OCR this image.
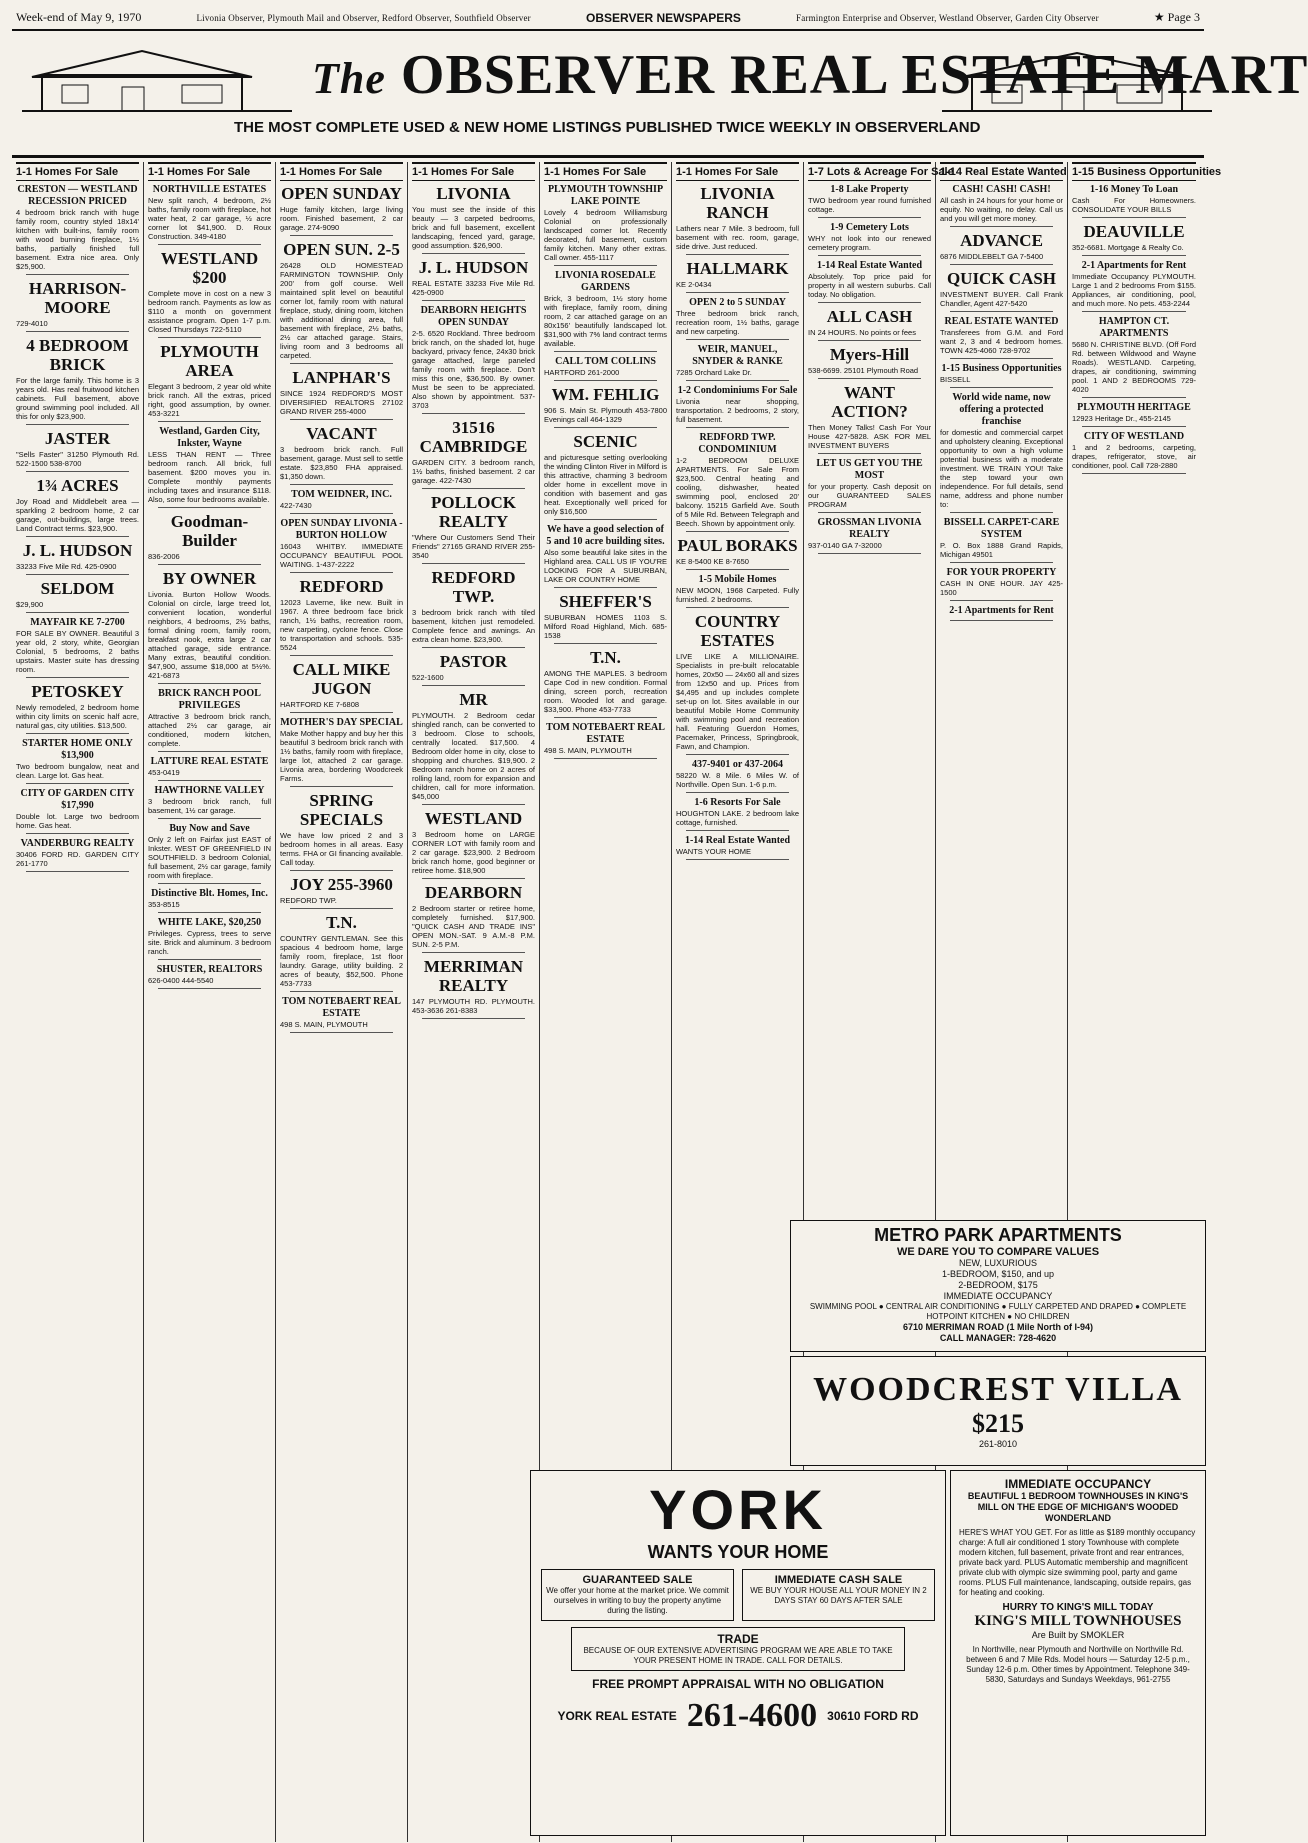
Week-end of May 9, 1970	Livonia Observer, Plymouth Mail and Observer, Redford Observer, Southfield Observer	OBSERVER NEWSPAPERS	Farmington Enterprise and Observer, Westland Observer, Garden City Observer	★ Page 3
The OBSERVER REAL ESTATE MART
THE MOST COMPLETE USED & NEW HOME LISTINGS PUBLISHED TWICE WEEKLY IN OBSERVERLAND
1-1 Homes For Sale
CRESTON — WESTLAND RECESSION PRICED
4 bedroom brick ranch with huge family room, country styled 18x14' kitchen with built-ins, family room with wood burning fireplace, 1½ baths, partially finished full basement. Extra nice area. Only $25,900.
HARRISON-MOORE
729-4010
4 BEDROOM BRICK
For the large family. This home is 3 years old. Has real fruitwood kitchen cabinets. Full basement, above ground swimming pool included. All this for only $23,900.
JASTER
"Sells Faster" 31250 Plymouth Rd. 522-1500 538-8700
1¾ ACRES
Joy Road and Middlebelt area — sparkling 2 bedroom home, 2 car garage, out-buildings, large trees. Land Contract terms. $23,900.
J. L. HUDSON
33233 Five Mile Rd. 425-0900
SELDOM
$29,900
MAYFAIR KE 7-2700
FOR SALE BY OWNER. Beautiful 3 year old, 2 story, white, Georgian Colonial, 5 bedrooms, 2 baths upstairs. Master suite has dressing room.
PETOSKEY
Newly remodeled, 2 bedroom home within city limits on scenic half acre, natural gas, city utilities. $13,500.
STARTER HOME ONLY $13,900
Two bedroom bungalow, neat and clean. Large lot. Gas heat.
CITY OF GARDEN CITY $17,990
Double lot. Large two bedroom home. Gas heat.
VANDERBURG REALTY
30406 FORD RD. GARDEN CITY 261-1770
1-1 Homes For Sale
NORTHVILLE ESTATES
New split ranch, 4 bedroom, 2½ baths, family room with fireplace, hot water heat, 2 car garage, ½ acre corner lot $41,900. D. Roux Construction. 349-4180
WESTLAND $200
Complete move in cost on a new 3 bedroom ranch. Payments as low as $110 a month on government assistance program. Open 1-7 p.m. Closed Thursdays 722-5110
PLYMOUTH AREA
Elegant 3 bedroom, 2 year old white brick ranch. All the extras, priced right, good assumption, by owner. 453-3221
Westland, Garden City, Inkster, Wayne
LESS THAN RENT — Three bedroom ranch. All brick, full basement. $200 moves you in. Complete monthly payments including taxes and insurance $118. Also, some four bedrooms available.
Goodman-Builder
836-2006
BY OWNER
Livonia. Burton Hollow Woods. Colonial on circle, large treed lot, convenient location, wonderful neighbors, 4 bedrooms, 2½ baths, formal dining room, family room, breakfast nook, extra large 2 car attached garage, side entrance. Many extras, beautiful condition. $47,900, assume $18,000 at 5½%. 421-6873
BRICK RANCH POOL PRIVILEGES
Attractive 3 bedroom brick ranch, attached 2½ car garage, air conditioned, modern kitchen, complete.
LATTURE REAL ESTATE
453-0419
HAWTHORNE VALLEY
3 bedroom brick ranch, full basement, 1½ car garage.
Buy Now and Save
Only 2 left on Fairfax just EAST of Inkster. WEST OF GREENFIELD IN SOUTHFIELD. 3 bedroom Colonial, full basement, 2½ car garage, family room with fireplace.
Distinctive Blt. Homes, Inc.
353-8515
WHITE LAKE, $20,250
Privileges. Cypress, trees to serve site. Brick and aluminum. 3 bedroom ranch.
SHUSTER, REALTORS
626-0400 444-5540
1-1 Homes For Sale
OPEN SUNDAY
Huge family kitchen, large living room. Finished basement, 2 car garage. 274-9090
OPEN SUN. 2-5
26428 OLD HOMESTEAD FARMINGTON TOWNSHIP. Only 200' from golf course. Well maintained split level on beautiful corner lot, family room with natural fireplace, study, dining room, kitchen with additional dining area, full basement with fireplace, 2½ baths, 2½ car attached garage. Stairs, living room and 3 bedrooms all carpeted.
LANPHAR'S
SINCE 1924 REDFORD'S MOST DIVERSIFIED REALTORS 27102 GRAND RIVER 255-4000
VACANT
3 bedroom brick ranch. Full basement, garage. Must sell to settle estate. $23,850 FHA appraised. $1,350 down.
TOM WEIDNER, INC.
422-7430
OPEN SUNDAY LIVONIA - BURTON HOLLOW
16043 WHITBY. IMMEDIATE OCCUPANCY BEAUTIFUL POOL WAITING. 1-437-2222
REDFORD
12023 Laverne, like new. Built in 1967. A three bedroom face brick ranch, 1½ baths, recreation room, new carpeting, cyclone fence. Close to transportation and schools. 535-5524
CALL MIKE JUGON
HARTFORD KE 7-6808
MOTHER'S DAY SPECIAL
Make Mother happy and buy her this beautiful 3 bedroom brick ranch with 1½ baths, family room with fireplace, large lot, attached 2 car garage. Livonia area, bordering Woodcreek Farms.
SPRING SPECIALS
We have low priced 2 and 3 bedroom homes in all areas. Easy terms. FHA or GI financing available. Call today.
JOY 255-3960
REDFORD TWP.
T.N.
COUNTRY GENTLEMAN. See this spacious 4 bedroom home, large family room, fireplace, 1st floor laundry. Garage, utility building. 2 acres of beauty, $52,500. Phone 453-7733
TOM NOTEBAERT REAL ESTATE
498 S. MAIN, PLYMOUTH
1-1 Homes For Sale
LIVONIA
You must see the inside of this beauty — 3 carpeted bedrooms, brick and full basement, excellent landscaping, fenced yard, garage, good assumption. $26,900.
J. L. HUDSON
REAL ESTATE 33233 Five Mile Rd. 425-0900
DEARBORN HEIGHTS OPEN SUNDAY
2-5. 6520 Rockland. Three bedroom brick ranch, on the shaded lot, huge backyard, privacy fence, 24x30 brick garage attached, large paneled family room with fireplace. Don't miss this one, $36,500. By owner. Must be seen to be appreciated. Also shown by appointment. 537-3703
31516 CAMBRIDGE
GARDEN CITY. 3 bedroom ranch, 1½ baths, finished basement. 2 car garage. 422-7430
POLLOCK REALTY
"Where Our Customers Send Their Friends" 27165 GRAND RIVER 255-3540
REDFORD TWP.
3 bedroom brick ranch with tiled basement, kitchen just remodeled. Complete fence and awnings. An extra clean home. $23,900.
PASTOR
522-1600
MR
PLYMOUTH. 2 Bedroom cedar shingled ranch, can be converted to 3 bedroom. Close to schools, centrally located. $17,500. 4 Bedroom older home in city, close to shopping and churches. $19,900. 2 Bedroom ranch home on 2 acres of rolling land, room for expansion and children, call for more information. $45,000
WESTLAND
3 Bedroom home on LARGE CORNER LOT with family room and 2 car garage. $23,900. 2 Bedroom brick ranch home, good beginner or retiree home. $18,900
DEARBORN
2 Bedroom starter or retiree home, completely furnished. $17,900. "QUICK CASH AND TRADE INS" OPEN MON.-SAT. 9 A.M.-8 P.M. SUN. 2-5 P.M.
MERRIMAN REALTY
147 PLYMOUTH RD. PLYMOUTH. 453-3636 261-8383
1-1 Homes For Sale
PLYMOUTH TOWNSHIP LAKE POINTE
Lovely 4 bedroom Williamsburg Colonial on professionally landscaped corner lot. Recently decorated, full basement, custom family kitchen. Many other extras. Call owner. 455-1117
LIVONIA ROSEDALE GARDENS
Brick, 3 bedroom, 1½ story home with fireplace, family room, dining room, 2 car attached garage on an 80x156' beautifully landscaped lot. $31,900 with 7% land contract terms available.
CALL TOM COLLINS
HARTFORD 261-2000
WM. FEHLIG
906 S. Main St. Plymouth 453-7800 Evenings call 464-1329
SCENIC
and picturesque setting overlooking the winding Clinton River in Milford is this attractive, charming 3 bedroom older home in excellent move in condition with basement and gas heat. Exceptionally well priced for only $16,500
We have a good selection of 5 and 10 acre building sites.
Also some beautiful lake sites in the Highland area. CALL US IF YOU'RE LOOKING FOR A SUBURBAN, LAKE OR COUNTRY HOME
SHEFFER'S
SUBURBAN HOMES 1103 S. Milford Road Highland, Mich. 685-1538
T.N.
AMONG THE MAPLES. 3 bedroom Cape Cod in new condition. Formal dining, screen porch, recreation room. Wooded lot and garage. $33,900. Phone 453-7733
TOM NOTEBAERT REAL ESTATE
498 S. MAIN, PLYMOUTH
1-1 Homes For Sale
LIVONIA RANCH
Lathers near 7 Mile. 3 bedroom, full basement with rec. room, garage, side drive. Just reduced.
HALLMARK
KE 2-0434
OPEN 2 to 5 SUNDAY
Three bedroom brick ranch, recreation room, 1½ baths, garage and new carpeting.
WEIR, MANUEL, SNYDER & RANKE
7285 Orchard Lake Dr.
1-2 Condominiums For Sale
Livonia near shopping, transportation. 2 bedrooms, 2 story, full basement.
REDFORD TWP. CONDOMINIUM
1-2 BEDROOM DELUXE APARTMENTS. For Sale From $23,500. Central heating and cooling, dishwasher, heated swimming pool, enclosed 20' balcony. 15215 Garfield Ave. South of 5 Mile Rd. Between Telegraph and Beech. Shown by appointment only.
PAUL BORAKS
KE 8-5400 KE 8-7650
1-5 Mobile Homes
NEW MOON, 1968 Carpeted. Fully furnished. 2 bedrooms.
COUNTRY ESTATES
LIVE LIKE A MILLIONAIRE. Specialists in pre-built relocatable homes, 20x50 — 24x60 all and sizes from 12x50 and up. Prices from $4,495 and up includes complete set-up on lot. Sites available in our beautiful Mobile Home Community with swimming pool and recreation hall. Featuring Guerdon Homes, Pacemaker, Princess, Springbrook, Fawn, and Champion.
437-9401 or 437-2064
58220 W. 8 Mile. 6 Miles W. of Northville. Open Sun. 1-6 p.m.
1-6 Resorts For Sale
HOUGHTON LAKE. 2 bedroom lake cottage, furnished.
1-14 Real Estate Wanted
WANTS YOUR HOME
1-7 Lots & Acreage For Sale
1-8 Lake Property
TWO bedroom year round furnished cottage.
1-9 Cemetery Lots
WHY not look into our renewed cemetery program.
1-14 Real Estate Wanted
Absolutely. Top price paid for property in all western suburbs. Call today. No obligation.
ALL CASH
IN 24 HOURS. No points or fees
Myers-Hill
538-6699. 25101 Plymouth Road
WANT ACTION?
Then Money Talks! Cash For Your House 427-5828. ASK FOR MEL INVESTMENT BUYERS
LET US GET YOU THE MOST
for your property. Cash deposit on our GUARANTEED SALES PROGRAM
GROSSMAN LIVONIA REALTY
937-0140 GA 7-32000
1-14 Real Estate Wanted
CASH! CASH! CASH!
All cash in 24 hours for your home or equity. No waiting, no delay. Call us and you will get more money.
ADVANCE
6876 MIDDLEBELT GA 7-5400
QUICK CASH
INVESTMENT BUYER. Call Frank Chandler, Agent 427-5420
REAL ESTATE WANTED
Transferees from G.M. and Ford want 2, 3 and 4 bedroom homes. TOWN 425-4060 728-9702
1-15 Business Opportunities
BISSELL
World wide name, now offering a protected franchise
for domestic and commercial carpet and upholstery cleaning. Exceptional opportunity to own a high volume potential business with a moderate investment. WE TRAIN YOU! Take the step toward your own independence. For full details, send name, address and phone number to:
BISSELL CARPET-CARE SYSTEM
P. O. Box 1888 Grand Rapids, Michigan 49501
FOR YOUR PROPERTY
CASH IN ONE HOUR. JAY 425-1500
2-1 Apartments for Rent
1-15 Business Opportunities
1-16 Money To Loan
Cash For Homeowners. CONSOLIDATE YOUR BILLS
DEAUVILLE
352-6681. Mortgage & Realty Co.
2-1 Apartments for Rent
Immediate Occupancy PLYMOUTH. Large 1 and 2 bedrooms From $155. Appliances, air conditioning, pool, and much more. No pets. 453-2244
HAMPTON CT. APARTMENTS
5680 N. CHRISTINE BLVD. (Off Ford Rd. between Wildwood and Wayne Roads). WESTLAND. Carpeting, drapes, air conditioning, swimming pool. 1 AND 2 BEDROOMS 729-4020
PLYMOUTH HERITAGE
12923 Heritage Dr., 455-2145
CITY OF WESTLAND
1 and 2 bedrooms, carpeting, drapes, refrigerator, stove, air conditioner, pool. Call 728-2880
METRO PARK APARTMENTS
WE DARE YOU TO COMPARE VALUES
NEW, LUXURIOUS
1-BEDROOM, $150, and up
2-BEDROOM, $175
IMMEDIATE OCCUPANCY
SWIMMING POOL ● CENTRAL AIR CONDITIONING ● FULLY CARPETED AND DRAPED ● COMPLETE HOTPOINT KITCHEN ● NO CHILDREN
6710 MERRIMAN ROAD (1 Mile North of I-94)
CALL MANAGER: 728-4620
WOODCREST VILLA
$215
261-8010
YORK
WANTS YOUR HOME
GUARANTEED SALE
We offer your home at the market price. We commit ourselves in writing to buy the property anytime during the listing.
IMMEDIATE CASH SALE
WE BUY YOUR HOUSE ALL YOUR MONEY IN 2 DAYS STAY 60 DAYS AFTER SALE
TRADE
BECAUSE OF OUR EXTENSIVE ADVERTISING PROGRAM WE ARE ABLE TO TAKE YOUR PRESENT HOME IN TRADE. CALL FOR DETAILS.
FREE PROMPT APPRAISAL WITH NO OBLIGATION
YORK REAL ESTATE 261-4600 30610 FORD RD
IMMEDIATE OCCUPANCY
BEAUTIFUL 1 BEDROOM TOWNHOUSES IN KING'S MILL ON THE EDGE OF MICHIGAN'S WOODED WONDERLAND
HERE'S WHAT YOU GET. For as little as $189 monthly occupancy charge: A full air conditioned 1 story Townhouse with complete modern kitchen, full basement, private front and rear entrances, private back yard. PLUS Automatic membership and magnificent private club with olympic size swimming pool, party and game rooms. PLUS Full maintenance, landscaping, outside repairs, gas for heating and cooking.
HURRY TO KING'S MILL TODAY
KING'S MILL TOWNHOUSES
Are Built by SMOKLER
In Northville, near Plymouth and Northville on Northville Rd. between 6 and 7 Mile Rds. Model hours — Saturday 12-5 p.m., Sunday 12-6 p.m. Other times by Appointment. Telephone 349-5830, Saturdays and Sundays Weekdays, 961-2755
